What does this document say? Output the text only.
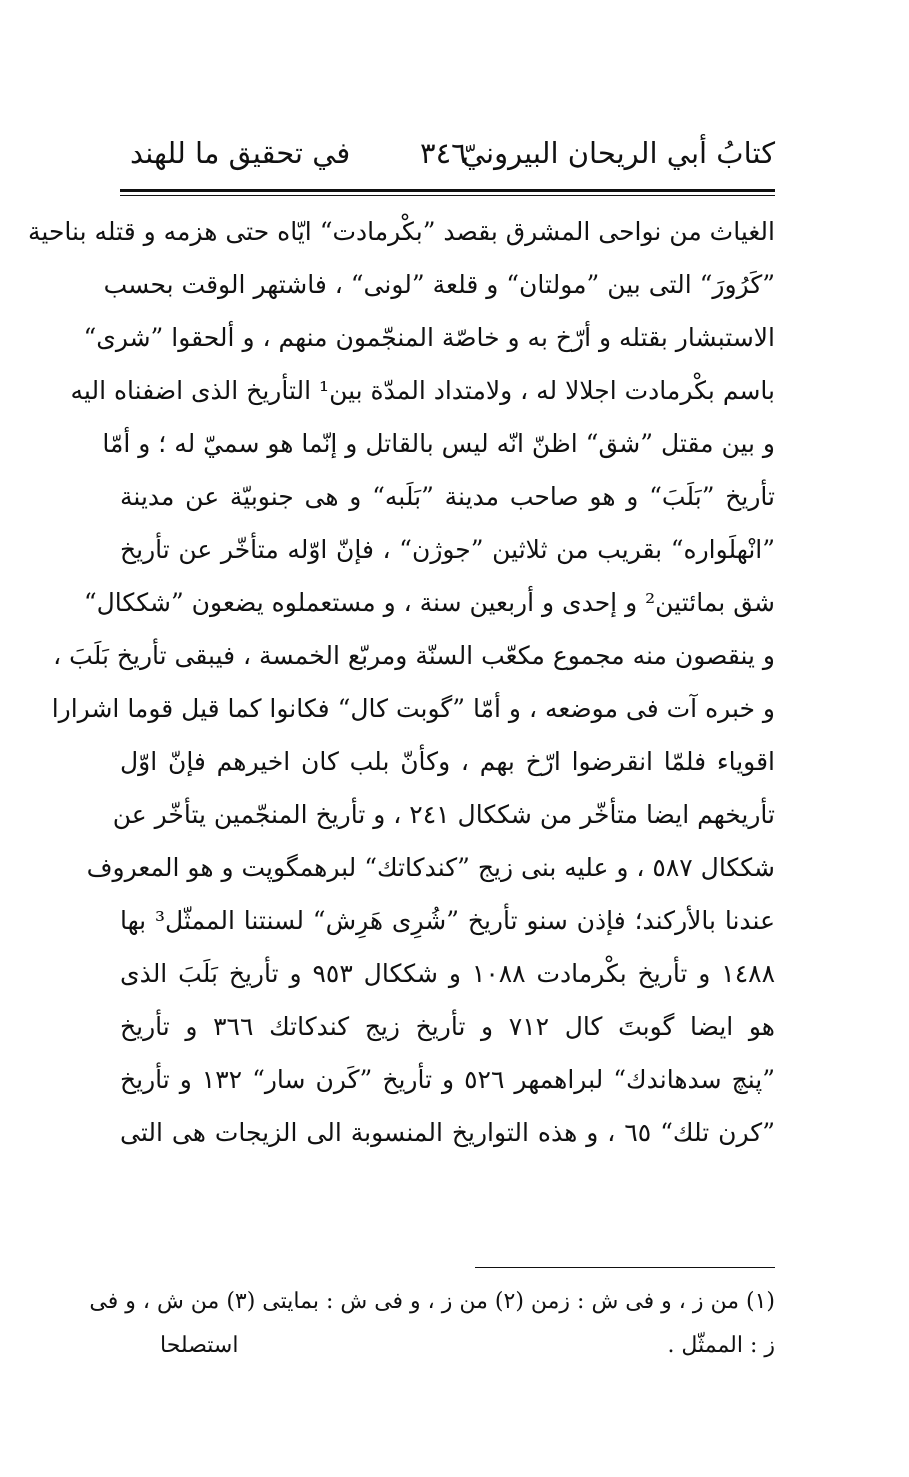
كتابُ أبي الريحان البيرونيّ
٣٤٦
في تحقيق ما للهند
الغياث من نواحى المشرق بقصد ”بكْرمادت“ ايّاه حتى هزمه و قتله بناحية
”كَرُورَ“ التى بين ”مولتان“ و قلعة ”لونى“ ، فاشتهر الوقت بحسب
الاستبشار بقتله و أرّخ به و خاصّة المنجّمون منهم ، و ألحقوا ”شرى“
باسم بكْرمادت اجلالا له ، ولامتداد المدّة بين¹ التأريخ الذى اضفناه اليه
و بين مقتل ”شق“ اظنّ انّه ليس بالقاتل و إنّما هو سميّ له ؛ و أمّا
تأريخ ”بَلَبَ“ و هو صاحب مدينة ”بَلَبه“ و هى جنوبيّة عن مدينة
”انْهلَواره“ بقريب من ثلاثين ”جوژن“ ، فإنّ اوّله متأخّر عن تأريخ
شق بمائتين² و إحدى و أربعين سنة ، و مستعملوه يضعون ”شككال“
و ينقصون منه مجموع مكعّب السنّة ومربّع الخمسة ، فيبقى تأريخ بَلَبَ ،
و خبره آت فى موضعه ، و أمّا ”گوبت كال“ فكانوا كما قيل قوما اشرارا
اقوياء فلمّا انقرضوا ارّخ بهم ، وكأنّ بلب كان اخيرهم فإنّ اوّل
تأريخهم ايضا متأخّر من شككال ٢٤١ ، و تأريخ المنجّمين يتأخّر عن
شككال ٥٨٧ ، و عليه بنى زيج ”كندكاتك“ لبرهمگوپت و هو المعروف
عندنا بالأركند؛ فإذن سنو تأريخ ”شُرِى هَرِش“ لسنتنا الممثّل³ بها
١٤٨٨ و تأريخ بكْرمادت ١٠٨٨ و شككال ٩٥٣ و تأريخ بَلَبَ الذى
هو ايضا گوبتَ كال ٧١٢ و تأريخ زيج كندكاتك ٣٦٦ و تأريخ
”پنچ سدهاندك“ لبراهمهر ٥٢٦ و تأريخ ”كَرن سار“ ١٣٢ و تأريخ
”كرن تلك“ ٦٥ ، و هذه التواريخ المنسوبة الى الزيجات هى التى
(١) من ز ، و فى ش : زمن (٢) من ز ، و فى ش : بمايتى (٣) من ش ، و فى
ز : الممثّل .
استصلحا
